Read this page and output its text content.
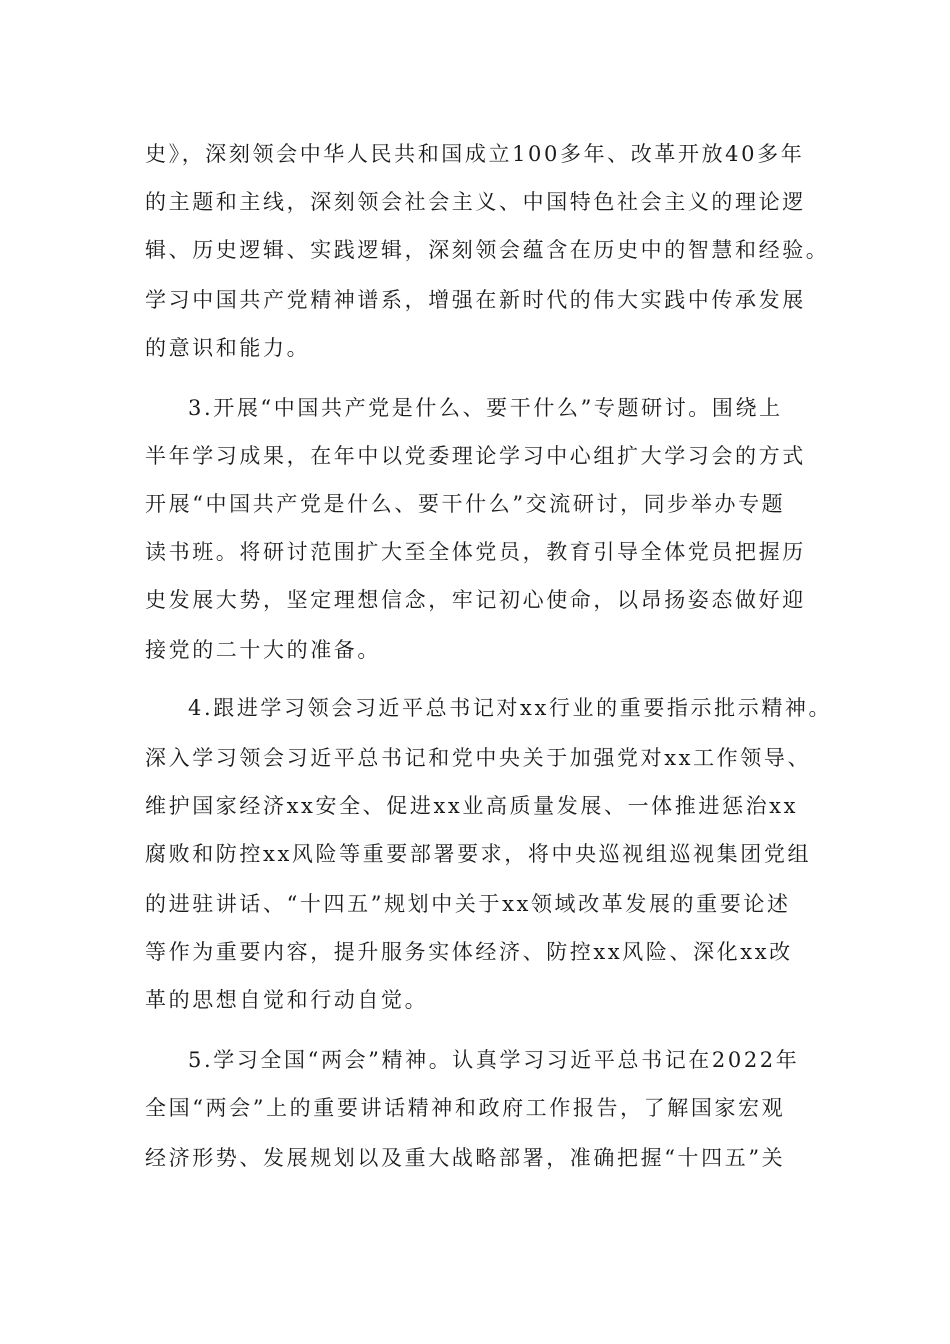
史》，深刻领会中华人民共和国成立100多年、改革开放40多年
的主题和主线，深刻领会社会主义、中国特色社会主义的理论逻
辑、历史逻辑、实践逻辑，深刻领会蕴含在历史中的智慧和经验。
学习中国共产党精神谱系，增强在新时代的伟大实践中传承发展
的意识和能力。
3.开展“中国共产党是什么、要干什么”专题研讨。围绕上
半年学习成果，在年中以党委理论学习中心组扩大学习会的方式
开展“中国共产党是什么、要干什么”交流研讨，同步举办专题
读书班。将研讨范围扩大至全体党员，教育引导全体党员把握历
史发展大势，坚定理想信念，牢记初心使命，以昂扬姿态做好迎
接党的二十大的准备。
4.跟进学习领会习近平总书记对xx行业的重要指示批示精神。
深入学习领会习近平总书记和党中央关于加强党对xx工作领导、
维护国家经济xx安全、促进xx业高质量发展、一体推进惩治xx
腐败和防控xx风险等重要部署要求，将中央巡视组巡视集团党组
的进驻讲话、“十四五”规划中关于xx领域改革发展的重要论述
等作为重要内容，提升服务实体经济、防控xx风险、深化xx改
革的思想自觉和行动自觉。
5.学习全国“两会”精神。认真学习习近平总书记在2022年
全国“两会”上的重要讲话精神和政府工作报告，了解国家宏观
经济形势、发展规划以及重大战略部署，准确把握“十四五”关
